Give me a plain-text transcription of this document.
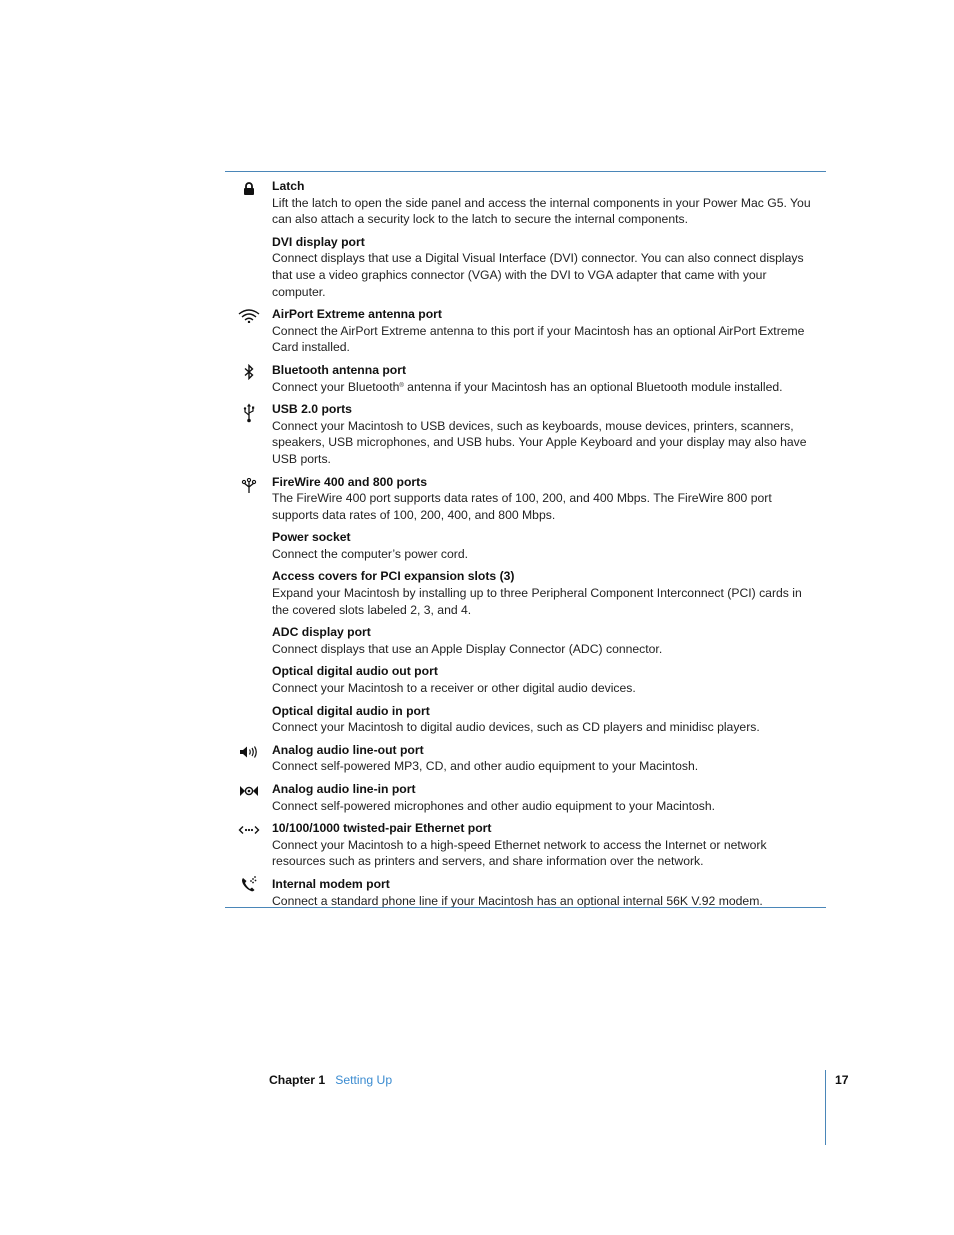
Latch
Lift the latch to open the side panel and access the internal components in your Power Mac G5. You can also attach a security lock to the latch to secure the internal components.
DVI display port
Connect displays that use a Digital Visual Interface (DVI) connector. You can also connect displays that use a video graphics connector (VGA) with the DVI to VGA adapter that came with your computer.
AirPort Extreme antenna port
Connect the AirPort Extreme antenna to this port if your Macintosh has an optional AirPort Extreme Card installed.
Bluetooth antenna port
Connect your Bluetooth® antenna if your Macintosh has an optional Bluetooth module installed.
USB 2.0 ports
Connect your Macintosh to USB devices, such as keyboards, mouse devices, printers, scanners, speakers, USB microphones, and USB hubs. Your Apple Keyboard and your display may also have USB ports.
FireWire 400 and 800 ports
The FireWire 400 port supports data rates of 100, 200, and 400 Mbps. The FireWire 800 port supports data rates of 100, 200, 400, and 800 Mbps.
Power socket
Connect the computer’s power cord.
Access covers for PCI expansion slots (3)
Expand your Macintosh by installing up to three Peripheral Component Interconnect (PCI) cards in the covered slots labeled 2, 3, and 4.
ADC display port
Connect displays that use an Apple Display Connector (ADC) connector.
Optical digital audio out port
Connect your Macintosh to a receiver or other digital audio devices.
Optical digital audio in port
Connect your Macintosh to digital audio devices, such as CD players and minidisc players.
Analog audio line-out port
Connect self-powered MP3, CD, and other audio equipment to your Macintosh.
Analog audio line-in port
Connect self-powered microphones and other audio equipment to your Macintosh.
10/100/1000 twisted-pair Ethernet port
Connect your Macintosh to a high-speed Ethernet network to access the Internet or network resources such as printers and servers, and share information over the network.
Internal modem port
Connect a standard phone line if your Macintosh has an optional internal 56K V.92 modem.
Chapter 1 Setting Up	17
